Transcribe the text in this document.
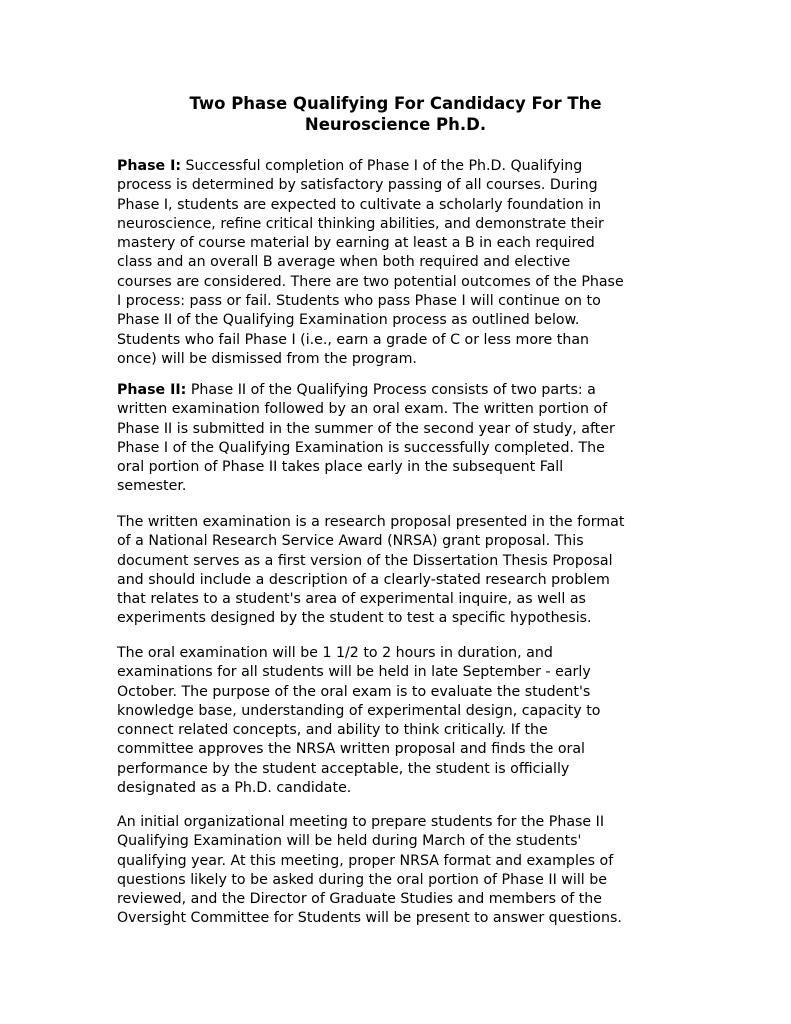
Two Phase Qualifying For Candidacy For The
Neuroscience Ph.D.

Phase I: Successful completion of Phase I of the Ph.D. Qualifying
process is determined by satisfactory passing of all courses. During
Phase I, students are expected to cultivate a scholarly foundation in
neuroscience, refine critical thinking abilities, and demonstrate their
mastery of course material by earning at least a B in each required
class and an overall B average when both required and elective
courses are considered. There are two potential outcomes of the Phase
I process: pass or fail. Students who pass Phase I will continue on to
Phase II of the Qualifying Examination process as outlined below.
Students who fail Phase I (i.e., earn a grade of C or less more than
once) will be dismissed from the program.

Phase II: Phase II of the Qualifying Process consists of two parts: a
written examination followed by an oral exam. The written portion of
Phase II is submitted in the summer of the second year of study, after
Phase I of the Qualifying Examination is successfully completed. The
oral portion of Phase II takes place early in the subsequent Fall
semester.

The written examination is a research proposal presented in the format
of a National Research Service Award (NRSA) grant proposal. This
document serves as a first version of the Dissertation Thesis Proposal
and should include a description of a clearly-stated research problem
that relates to a student's area of experimental inquire, as well as
experiments designed by the student to test a specific hypothesis.

The oral examination will be 1 1/2 to 2 hours in duration, and
examinations for all students will be held in late September - early
October. The purpose of the oral exam is to evaluate the student's
knowledge base, understanding of experimental design, capacity to
connect related concepts, and ability to think critically. If the
committee approves the NRSA written proposal and finds the oral
performance by the student acceptable, the student is officially
designated as a Ph.D. candidate.

An initial organizational meeting to prepare students for the Phase II
Qualifying Examination will be held during March of the students'
qualifying year. At this meeting, proper NRSA format and examples of
questions likely to be asked during the oral portion of Phase II will be
reviewed, and the Director of Graduate Studies and members of the
Oversight Committee for Students will be present to answer questions.
